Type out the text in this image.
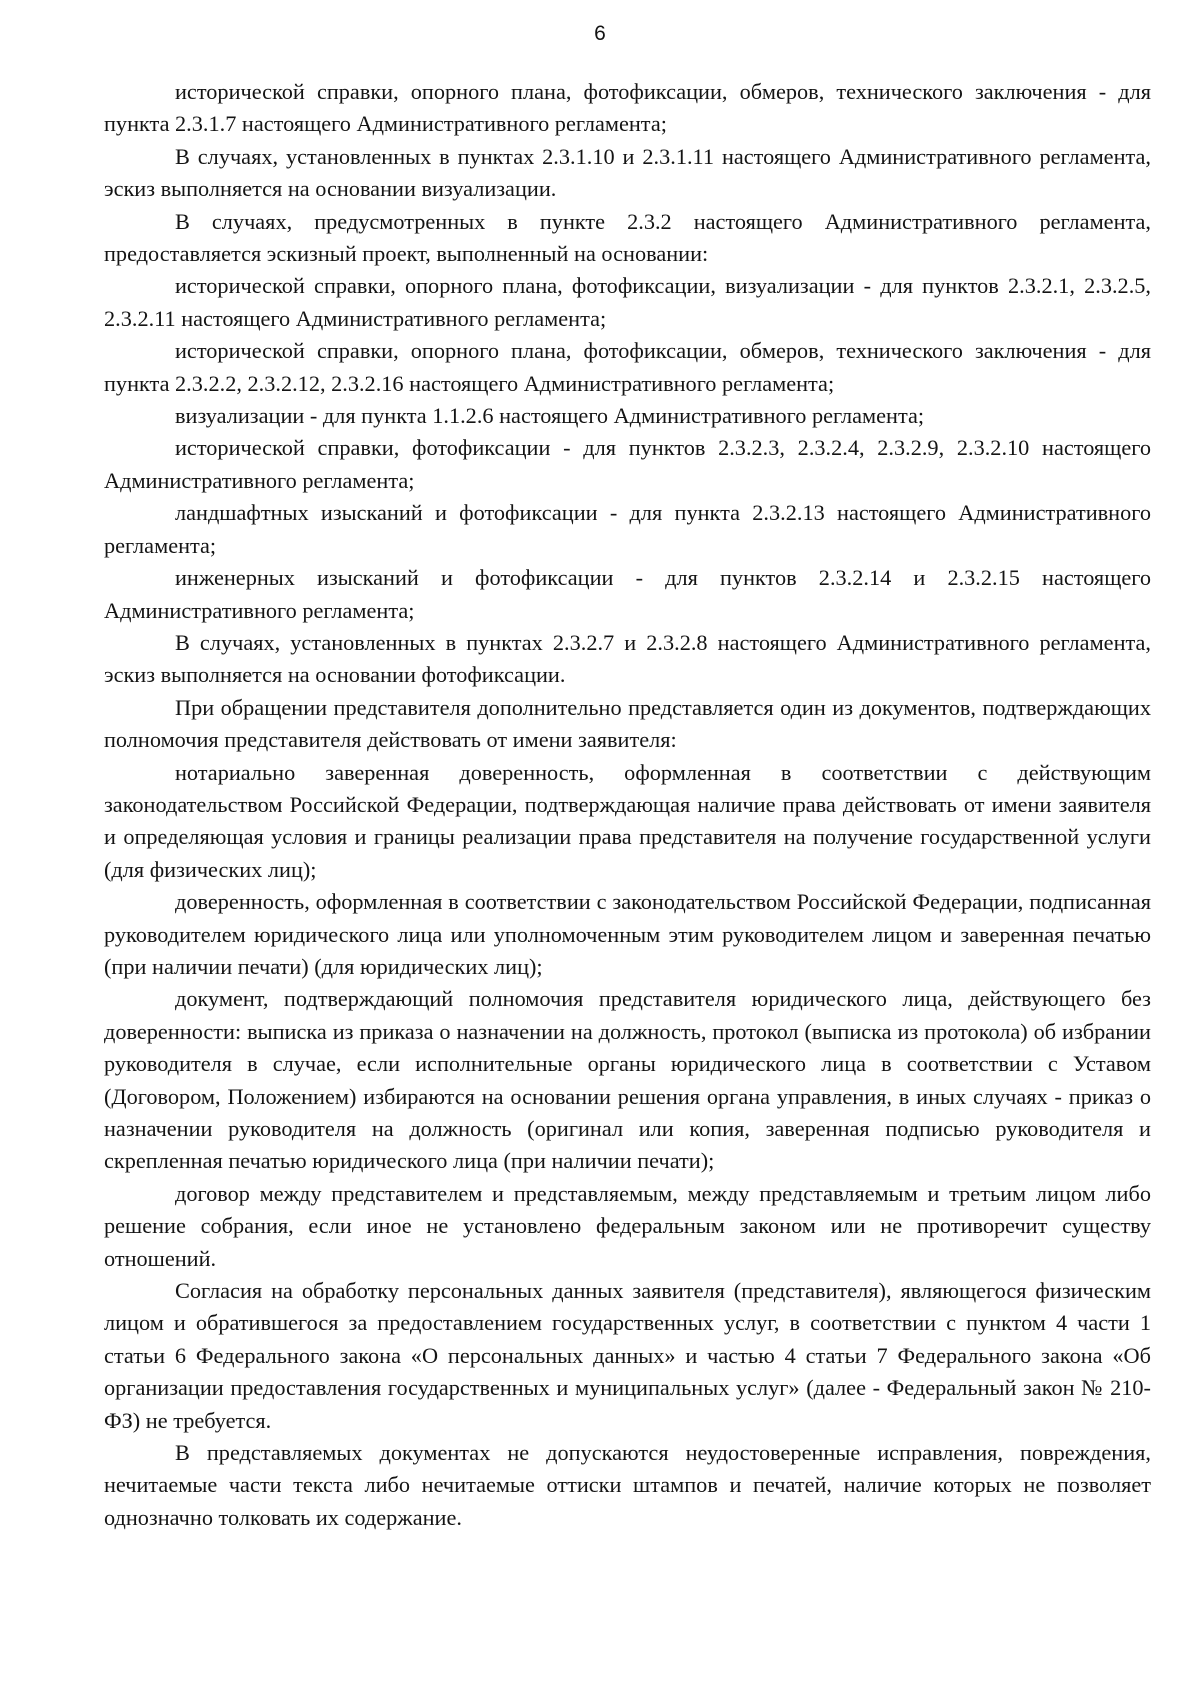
6

исторической справки, опорного плана, фотофиксации, обмеров, технического заключения - для пункта 2.3.1.7 настоящего Административного регламента;

В случаях, установленных в пунктах 2.3.1.10 и 2.3.1.11 настоящего Административного регламента, эскиз выполняется на основании визуализации.

В случаях, предусмотренных в пункте 2.3.2 настоящего Административного регламента, предоставляется эскизный проект, выполненный на основании:

исторической справки, опорного плана, фотофиксации, визуализации - для пунктов 2.3.2.1, 2.3.2.5, 2.3.2.11 настоящего Административного регламента;

исторической справки, опорного плана, фотофиксации, обмеров, технического заключения - для пункта 2.3.2.2, 2.3.2.12, 2.3.2.16 настоящего Административного регламента;

визуализации - для пункта 1.1.2.6 настоящего Административного регламента;

исторической справки, фотофиксации - для пунктов 2.3.2.3, 2.3.2.4, 2.3.2.9, 2.3.2.10 настоящего Административного регламента;

ландшафтных изысканий и фотофиксации - для пункта 2.3.2.13 настоящего Административного регламента;

инженерных изысканий и фотофиксации - для пунктов 2.3.2.14 и 2.3.2.15 настоящего Административного регламента;

В случаях, установленных в пунктах 2.3.2.7 и 2.3.2.8 настоящего Административного регламента, эскиз выполняется на основании фотофиксации.

При обращении представителя дополнительно представляется один из документов, подтверждающих полномочия представителя действовать от имени заявителя:

нотариально заверенная доверенность, оформленная в соответствии с действующим законодательством Российской Федерации, подтверждающая наличие права действовать от имени заявителя и определяющая условия и границы реализации права представителя на получение государственной услуги (для физических лиц);

доверенность, оформленная в соответствии с законодательством Российской Федерации, подписанная руководителем юридического лица или уполномоченным этим руководителем лицом и заверенная печатью (при наличии печати) (для юридических лиц);

документ, подтверждающий полномочия представителя юридического лица, действующего без доверенности: выписка из приказа о назначении на должность, протокол (выписка из протокола) об избрании руководителя в случае, если исполнительные органы юридического лица в соответствии с Уставом (Договором, Положением) избираются на основании решения органа управления, в иных случаях - приказ о назначении руководителя на должность (оригинал или копия, заверенная подписью руководителя и скрепленная печатью юридического лица (при наличии печати);

договор между представителем и представляемым, между представляемым и третьим лицом либо решение собрания, если иное не установлено федеральным законом или не противоречит существу отношений.

Согласия на обработку персональных данных заявителя (представителя), являющегося физическим лицом и обратившегося за предоставлением государственных услуг, в соответствии с пунктом 4 части 1 статьи 6 Федерального закона «О персональных данных» и частью 4 статьи 7 Федерального закона «Об организации предоставления государственных и муниципальных услуг» (далее - Федеральный закон № 210-ФЗ) не требуется.

В представляемых документах не допускаются неудостоверенные исправления, повреждения, нечитаемые части текста либо нечитаемые оттиски штампов и печатей, наличие которых не позволяет однозначно толковать их содержание.
